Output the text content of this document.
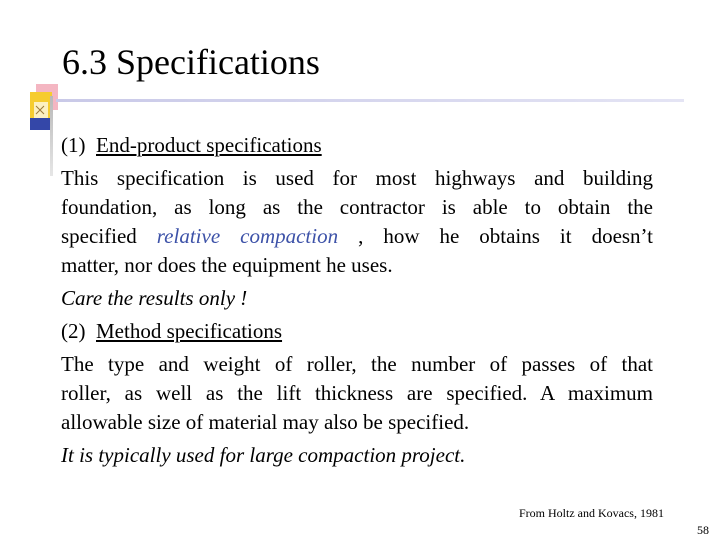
6.3 Specifications
(1) End-product specifications
This specification is used for most highways and building
foundation, as long as the contractor is able to obtain the
specified relative compaction , how he obtains it doesn’t
matter, nor does the equipment he uses.
Care the results only !
(2) Method specifications
The type and weight of roller, the number of passes of that
roller, as well as the lift thickness are specified. A maximum
allowable size of material may also be specified.
It is typically used for large compaction project.
From Holtz and Kovacs, 1981
58
